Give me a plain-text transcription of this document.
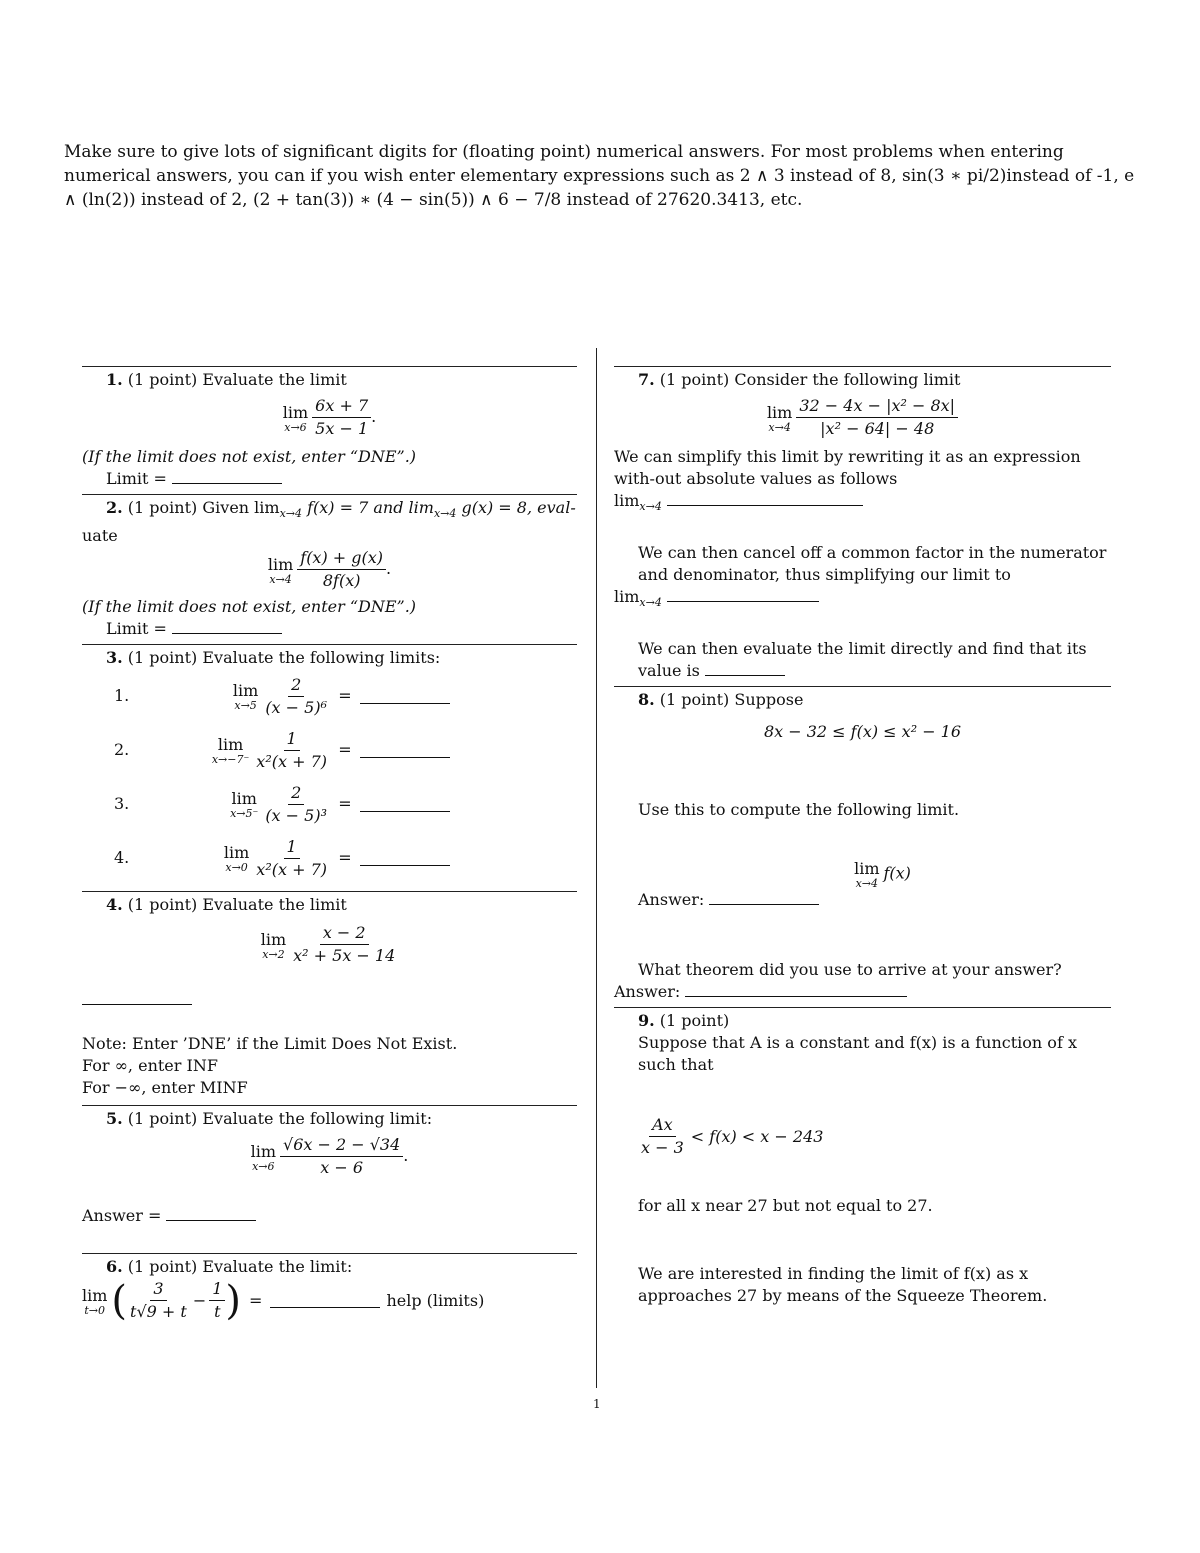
Make sure to give lots of significant digits for (floating point) numerical answers. For most problems when entering numerical answers, you can if you wish enter elementary expressions such as 2 ∧ 3 instead of 8, sin(3 ∗ pi/2)instead of -1, e ∧ (ln(2)) instead of 2, (2 + tan(3)) ∗ (4 − sin(5)) ∧ 6 − 7/8 instead of 27620.3413, etc.
1. (1 point) Evaluate the limit
lim
$x\to 6 \frac{6x + 7}{5x - 1}$ .
(If the limit does not exist, enter “DNE”.)
Limit =
2. (1 point) Given $\lim_{x\to 4} f(x) = 7$ and $\lim_{x\to 4} g(x) = 8$, eval-
uate
lim
$x\to 4 \frac{f(x) + g(x)}{8f(x)}$ .
(If the limit does not exist, enter “DNE”.)
Limit =
3. (1 point) Evaluate the following limits:
1.	lim
$x\to 5 \frac{2}{\text{(x − 5)⁶}}$ =
2.	lim
$x\to-7^- \frac{1}{\text{x²(x + 7)}}$ =
3.	lim
$x\to 5^- \frac{2}{\text{(x − 5)³}}$ =
4.	lim
$x\to 0 \frac{1}{\text{x²(x + 7)}}$ =
4. (1 point) Evaluate the limit
lim
$x\to 2 \frac{x - 2}{\text{x² + 5x − 14}}$
Note: Enter ’DNE’ if the Limit Does Not Exist.
For ∞, enter INF
For −∞, enter MINF
5. (1 point) Evaluate the following limit:
lim
$x\to 6 \frac{√6x - 2 - √34}{x - 6}$ .
Answer =
6. (1 point) Evaluate the limit:
lim
t→0 ( $\frac{3}{t√9 + t} - \frac{1}{t}$ ) =	help (limits)
7. (1 point) Consider the following limit
lim
$x\to 4 \frac{\text{32 − 4x − |x² − 8x|}}{\text{|x² − 64| − 48}}$
We can simplify this limit by rewriting it as an expression with-out absolute values as follows
$\lim_{x\to 4}$
We can then cancel off a common factor in the numerator and denominator, thus simplifying our limit to
$\lim_{x\to 4}$
We can then evaluate the limit directly and find that its value is
8. (1 point) Suppose
8x − 32 ≤ f(x) ≤ x² − 16
Use this to compute the following limit.
lim
x→4
f(x)
Answer:
What theorem did you use to arrive at your answer?
Answer:
9. (1 point)
Suppose that A is a constant and f(x) is a function of x such that
$\frac{Ax}{x - 3} < f(x) < x - 243$
for all x near 27 but not equal to 27.
We are interested in finding the limit of f(x) as x approaches 27 by means of the Squeeze Theorem.
1
